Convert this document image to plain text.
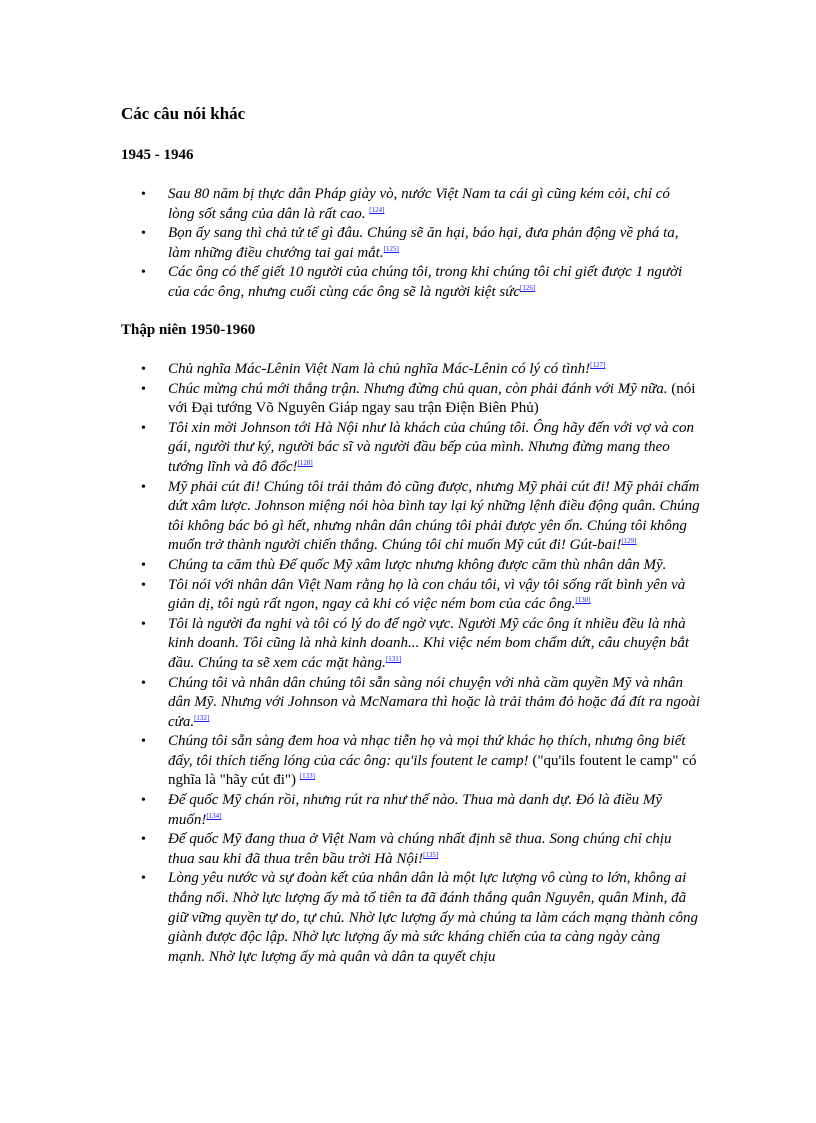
Các câu nói khác
1945 - 1946
• Sau 80 năm bị thực dân Pháp giày vò, nước Việt Nam ta cái gì cũng kém cỏi, chỉ có lòng sốt sắng của dân là rất cao. [124]
• Bọn ấy sang thì chả tử tế gì đâu. Chúng sẽ ăn hại, báo hại, đưa phản động về phá ta, làm những điều chướng tai gai mắt.[125]
• Các ông có thể giết 10 người của chúng tôi, trong khi chúng tôi chỉ giết được 1 người của các ông, nhưng cuối cùng các ông sẽ là người kiệt sức[126]
Thập niên 1950-1960
• Chủ nghĩa Mác-Lênin Việt Nam là chủ nghĩa Mác-Lênin có lý có tình![127]
• Chúc mừng chú mới thắng trận. Nhưng đừng chủ quan, còn phải đánh với Mỹ nữa. (nói với Đại tướng Võ Nguyên Giáp ngay sau trận Điện Biên Phủ)
• Tôi xin mời Johnson tới Hà Nội như là khách của chúng tôi. Ông hãy đến với vợ và con gái, người thư ký, người bác sĩ và người đầu bếp của mình. Nhưng đừng mang theo tướng lĩnh và đô đốc![128]
• Mỹ phải cút đi! Chúng tôi trải thảm đỏ cũng được, nhưng Mỹ phải cút đi! Mỹ phải chấm dứt xâm lược. Johnson miệng nói hòa bình tay lại ký những lệnh điều động quân. Chúng tôi không bác bỏ gì hết, nhưng nhân dân chúng tôi phải được yên ổn. Chúng tôi không muốn trở thành người chiến thắng. Chúng tôi chỉ muốn Mỹ cút đi! Gút-bai![129]
• Chúng ta căm thù Đế quốc Mỹ xâm lược nhưng không được căm thù nhân dân Mỹ.
• Tôi nói với nhân dân Việt Nam rằng họ là con cháu tôi, vì vậy tôi sống rất bình yên và giản dị, tôi ngủ rất ngon, ngay cả khi có việc ném bom của các ông.[130]
• Tôi là người đa nghi và tôi có lý do để ngờ vực. Người Mỹ các ông ít nhiều đều là nhà kinh doanh. Tôi cũng là nhà kinh doanh... Khi việc ném bom chấm dứt, câu chuyện bắt đầu. Chúng ta sẽ xem các mặt hàng.[131]
• Chúng tôi và nhân dân chúng tôi sẵn sàng nói chuyện với nhà cầm quyền Mỹ và nhân dân Mỹ. Nhưng với Johnson và McNamara thì hoặc là trải thảm đỏ hoặc đá đít ra ngoài cửa.[132]
• Chúng tôi sẵn sàng đem hoa và nhạc tiễn họ và mọi thứ khác họ thích, nhưng ông biết đấy, tôi thích tiếng lóng của các ông: qu'ils foutent le camp! ("qu'ils foutent le camp" có nghĩa là "hãy cút đi") [133]
• Đế quốc Mỹ chán rồi, nhưng rút ra như thế nào. Thua mà danh dự. Đó là điều Mỹ muốn![134]
• Đế quốc Mỹ đang thua ở Việt Nam và chúng nhất định sẽ thua. Song chúng chỉ chịu thua sau khi đã thua trên bầu trời Hà Nội![135]
• Lòng yêu nước và sự đoàn kết của nhân dân là một lực lượng vô cùng to lớn, không ai thắng nổi. Nhờ lực lượng ấy mà tổ tiên ta đã đánh thắng quân Nguyên, quân Minh, đã giữ vững quyền tự do, tự chủ. Nhờ lực lượng ấy mà chúng ta làm cách mạng thành công giành được độc lập. Nhờ lực lượng ấy mà sức kháng chiến của ta càng ngày càng mạnh. Nhờ lực lượng ấy mà quân và dân ta quyết chịu
